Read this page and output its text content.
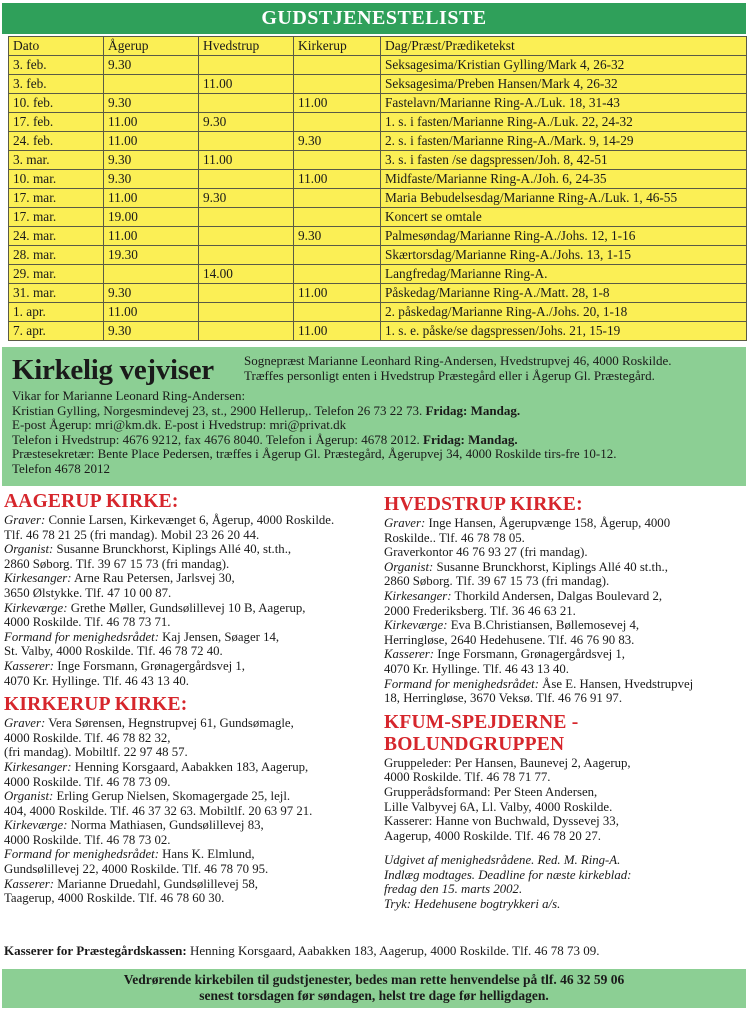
GUDSTJENESTELISTE
Dato	Ågerup	Hvedstrup	Kirkerup	Dag/Præst/Prædiketekst
3. feb.	9.30			Seksagesima/Kristian Gylling/Mark 4, 26-32
3. feb.		11.00		Seksagesima/Preben Hansen/Mark 4, 26-32
10. feb.	9.30		11.00	Fastelavn/Marianne Ring-A./Luk. 18, 31-43
17. feb.	11.00	9.30		1. s. i fasten/Marianne Ring-A./Luk. 22, 24-32
24. feb.	11.00		9.30	2. s. i fasten/Marianne Ring-A./Mark. 9, 14-29
3. mar.	9.30	11.00		3. s. i fasten /se dagspressen/Joh. 8, 42-51
10. mar.	9.30		11.00	Midfaste/Marianne Ring-A./Joh. 6, 24-35
17. mar.	11.00	9.30		Maria Bebudelsesdag/Marianne Ring-A./Luk. 1, 46-55
17. mar.	19.00			Koncert se omtale
24. mar.	11.00		9.30	Palmesøndag/Marianne Ring-A./Johs. 12, 1-16
28. mar.	19.30			Skærtorsdag/Marianne Ring-A./Johs. 13, 1-15
29. mar.		14.00		Langfredag/Marianne Ring-A.
31. mar.	9.30		11.00	Påskedag/Marianne Ring-A./Matt. 28, 1-8
1. apr.	11.00			2. påskedag/Marianne Ring-A./Johs. 20, 1-18
7. apr.	9.30		11.00	1. s. e. påske/se dagspressen/Johs. 21, 15-19
Kirkelig vejviser Sognepræst Marianne Leonhard Ring-Andersen, Hvedstrupvej 46, 4000 Roskilde.
Træffes personligt enten i Hvedstrup Præstegård eller i Ågerup Gl. Præstegård.
Vikar for Marianne Leonard Ring-Andersen:
Kristian Gylling, Norgesmindevej 23, st., 2900 Hellerup,. Telefon 26 73 22 73. Fridag: Mandag.
E-post Ågerup: mri@km.dk. E-post i Hvedstrup: mri@privat.dk
Telefon i Hvedstrup: 4676 9212, fax 4676 8040. Telefon i Ågerup: 4678 2012. Fridag: Mandag.
Præstesekretær: Bente Place Pedersen, træffes i Ågerup Gl. Præstegård, Ågerupvej 34, 4000 Roskilde tirs-fre 10-12.
Telefon 4678 2012
AAGERUP KIRKE:
Graver: Connie Larsen, Kirkevænget 6, Ågerup, 4000 Roskilde.
Tlf. 46 78 21 25 (fri mandag). Mobil 23 26 20 44.
Organist: Susanne Brunckhorst, Kiplings Allé 40, st.th.,
2860 Søborg. Tlf. 39 67 15 73 (fri mandag).
Kirkesanger: Arne Rau Petersen, Jarlsvej 30,
3650 Ølstykke. Tlf. 47 10 00 87.
Kirkeværge: Grethe Møller, Gundsølillevej 10 B, Aagerup,
4000 Roskilde. Tlf. 46 78 73 71.
Formand for menighedsrådet: Kaj Jensen, Søager 14,
St. Valby, 4000 Roskilde. Tlf. 46 78 72 40.
Kasserer: Inge Forsmann, Grønagergårdsvej 1,
4070 Kr. Hyllinge. Tlf. 46 43 13 40.
KIRKERUP KIRKE:
Graver: Vera Sørensen, Hegnstrupvej 61, Gundsømagle,
4000 Roskilde. Tlf. 46 78 82 32,
(fri mandag). Mobiltlf. 22 97 48 57.
Kirkesanger: Henning Korsgaard, Aabakken 183, Aagerup,
4000 Roskilde. Tlf. 46 78 73 09.
Organist: Erling Gerup Nielsen, Skomagergade 25, lejl.
404, 4000 Roskilde. Tlf. 46 37 32 63. Mobiltlf. 20 63 97 21.
Kirkeværge: Norma Mathiasen, Gundsølillevej 83,
4000 Roskilde. Tlf. 46 78 73 02.
Formand for menighedsrådet: Hans K. Elmlund,
Gundsølillevej 22, 4000 Roskilde. Tlf. 46 78 70 95.
Kasserer: Marianne Druedahl, Gundsølillevej 58,
Taagerup, 4000 Roskilde. Tlf. 46 78 60 30.
HVEDSTRUP KIRKE:
Graver: Inge Hansen, Ågerupvænge 158, Ågerup, 4000
Roskilde.. Tlf. 46 78 78 05.
Graverkontor 46 76 93 27 (fri mandag).
Organist: Susanne Brunckhorst, Kiplings Allé 40 st.th.,
2860 Søborg. Tlf. 39 67 15 73 (fri mandag).
Kirkesanger: Thorkild Andersen, Dalgas Boulevard 2,
2000 Frederiksberg. Tlf. 36 46 63 21.
Kirkeværge: Eva B.Christiansen, Bøllemosevej 4,
Herringløse, 2640 Hedehusene. Tlf. 46 76 90 83.
Kasserer: Inge Forsmann, Grønagergårdsvej 1,
4070 Kr. Hyllinge. Tlf. 46 43 13 40.
Formand for menighedsrådet: Åse E. Hansen, Hvedstrupvej
18, Herringløse, 3670 Veksø. Tlf. 46 76 91 97.
KFUM-SPEJDERNE -
BOLUNDGRUPPEN
Gruppeleder: Per Hansen, Baunevej 2, Aagerup,
4000 Roskilde. Tlf. 46 78 71 77.
Grupperådsformand: Per Steen Andersen,
Lille Valbyvej 6A, Ll. Valby, 4000 Roskilde.
Kasserer: Hanne von Buchwald, Dyssevej 33,
Aagerup, 4000 Roskilde. Tlf. 46 78 20 27.
Udgivet af menighedsrådene. Red. M. Ring-A.
Indlæg modtages. Deadline for næste kirkeblad:
fredag den 15. marts 2002.
Tryk: Hedehusene bogtrykkeri a/s.
Kasserer for Præstegårdskassen: Henning Korsgaard, Aabakken 183, Aagerup, 4000 Roskilde. Tlf. 46 78 73 09.
Vedrørende kirkebilen til gudstjenester, bedes man rette henvendelse på tlf. 46 32 59 06
senest torsdagen før søndagen, helst tre dage før helligdagen.
